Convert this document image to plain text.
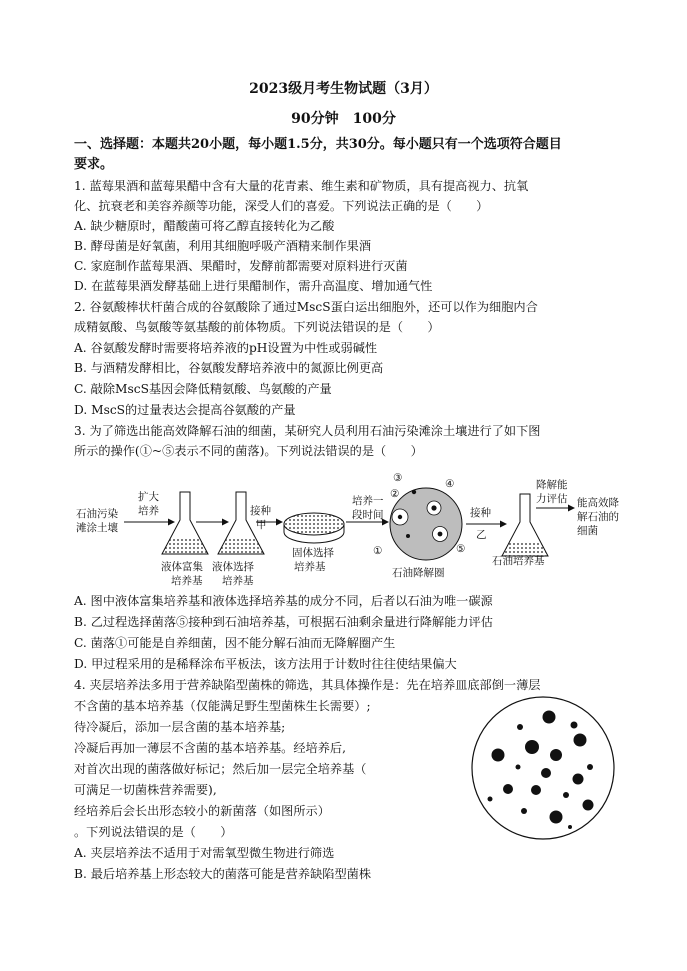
2023级月考生物试题（3月）
90分钟　100分
一、选择题：本题共20小题，每小题1.5分，共30分。每小题只有一个选项符合题目
要求。
1. 蓝莓果酒和蓝莓果醋中含有大量的花青素、维生素和矿物质，具有提高视力、抗氧
化、抗衰老和美容养颜等功能，深受人们的喜爱。下列说法正确的是（　　）
A. 缺少糖原时，醋酸菌可将乙醇直接转化为乙酸
B. 酵母菌是好氧菌，利用其细胞呼吸产酒精来制作果酒
C. 家庭制作蓝莓果酒、果醋时，发酵前都需要对原料进行灭菌
D. 在蓝莓果酒发酵基础上进行果醋制作，需升高温度、增加通气性
2. 谷氨酸棒状杆菌合成的谷氨酸除了通过MscS蛋白运出细胞外，还可以作为细胞内合
成精氨酸、鸟氨酸等氨基酸的前体物质。下列说法错误的是（　　）
A. 谷氨酸发酵时需要将培养液的pH设置为中性或弱碱性
B. 与酒精发酵相比，谷氨酸发酵培养液中的氮源比例更高
C. 敲除MscS基因会降低精氨酸、鸟氨酸的产量
D. MscS的过量表达会提高谷氨酸的产量
3. 为了筛选出能高效降解石油的细菌，某研究人员利用石油污染滩涂土壤进行了如下图
所示的操作(①~⑤表示不同的菌落)。下列说法错误的是（　　）
石油污染
滩涂土壤
扩大
培养
液体富集
培养基
液体选择
培养基
接种
甲
固体选择
培养基
培养一
段时间
③
②
④
①	⑤
石油降解圈
接种
乙
石油培养基
降解能
力评估 能高效降
解石油的
细菌
A. 图中液体富集培养基和液体选择培养基的成分不同，后者以石油为唯一碳源
B. 乙过程选择菌落⑤接种到石油培养基，可根据石油剩余量进行降解能力评估
C. 菌落①可能是自养细菌，因不能分解石油而无降解圈产生
D. 甲过程采用的是稀释涂布平板法，该方法用于计数时往往使结果偏大
4. 夹层培养法多用于营养缺陷型菌株的筛选，其具体操作是：先在培养皿底部倒一薄层
不含菌的基本培养基（仅能满足野生型菌株生长需要）;
待冷凝后，添加一层含菌的基本培养基;
冷凝后再加一薄层不含菌的基本培养基。经培养后,
对首次出现的菌落做好标记；然后加一层完全培养基（
可满足一切菌株营养需要),
经培养后会长出形态较小的新菌落（如图所示）
。下列说法错误的是（　　）
A. 夹层培养法不适用于对需氧型微生物进行筛选
B. 最后培养基上形态较大的菌落可能是营养缺陷型菌株
